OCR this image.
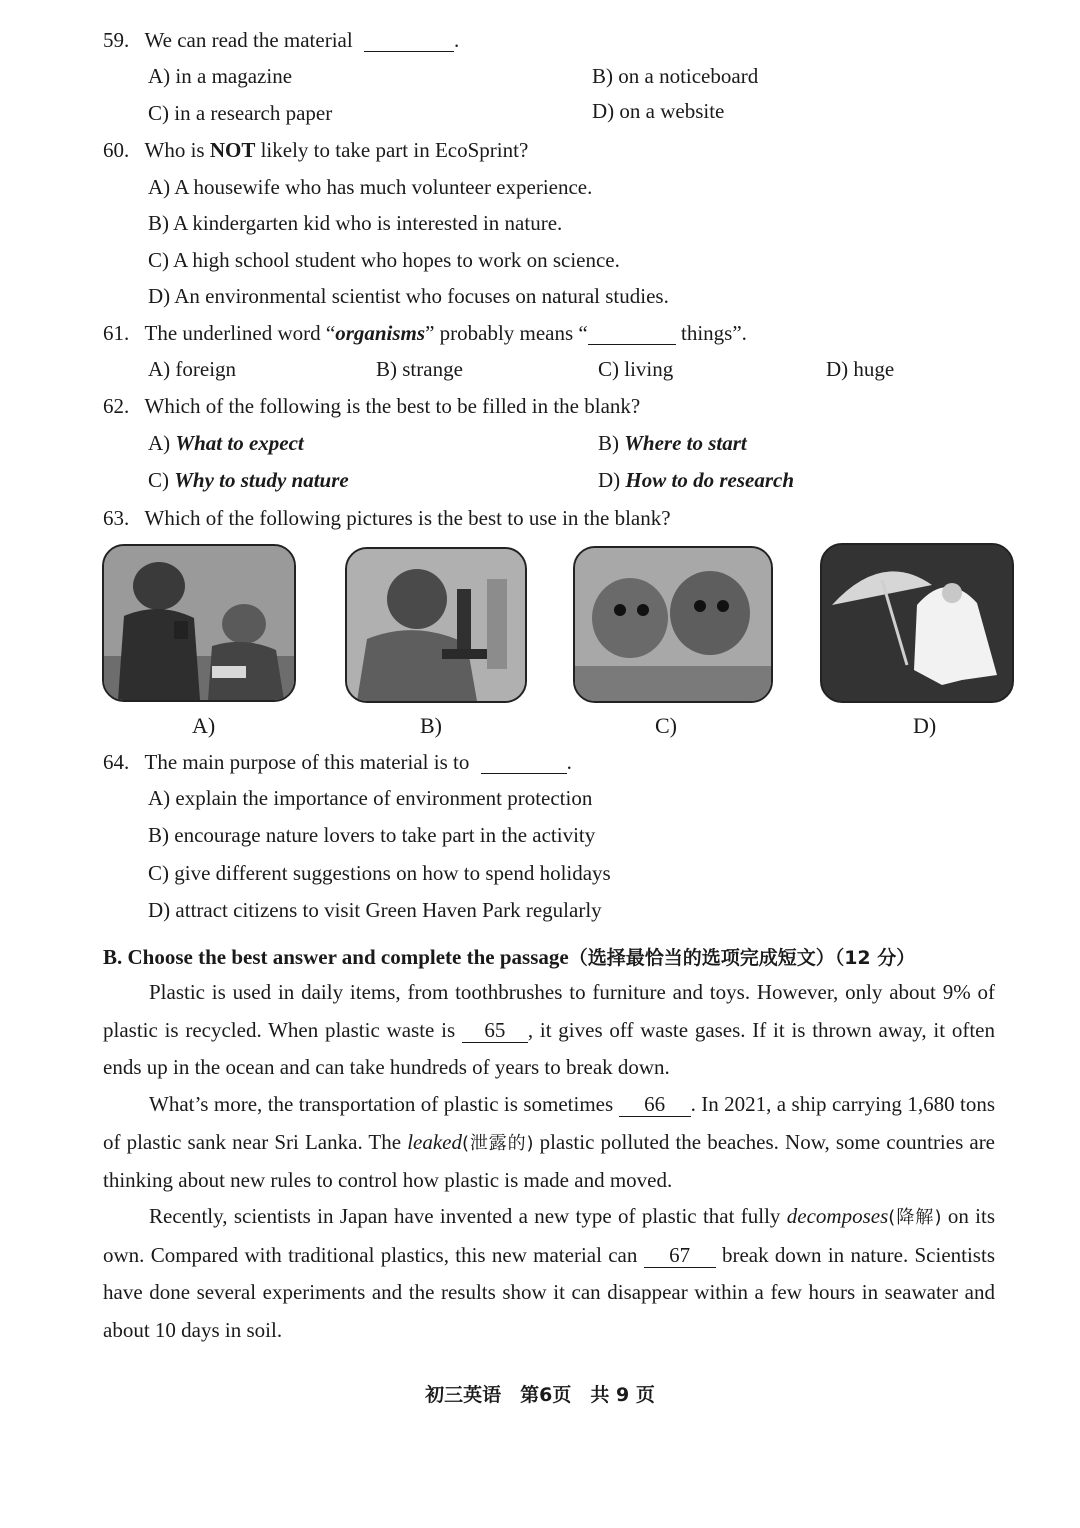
59. We can read the material	.
A) in a magazine	B) on a noticeboard
C) in a research paper	D) on a website
60. Who is NOT likely to take part in EcoSprint?
A) A housewife who has much volunteer experience.
B) A kindergarten kid who is interested in nature.
C) A high school student who hopes to work on science.
D) An environmental scientist who focuses on natural studies.
61. The underlined word “organisms” probably means “	things”.
A) foreign	B) strange	C) living	D) huge
62. Which of the following is the best to be filled in the blank?
A) What to expect	B) Where to start
C) Why to study nature	D) How to do research
63. Which of the following pictures is the best to use in the blank?
A)	B)	C)	D)
64. The main purpose of this material is to	.
A) explain the importance of environment protection
B) encourage nature lovers to take part in the activity
C) give different suggestions on how to spend holidays
D) attract citizens to visit Green Haven Park regularly
B. Choose the best answer and complete the passage（选择最恰当的选项完成短文）（12 分）
Plastic is used in daily items, from toothbrushes to furniture and toys. However, only about 9% of plastic is recycled. When plastic waste is 65 , it gives off waste gases. If it is thrown away, it often ends up in the ocean and can take hundreds of years to break down.
What’s more, the transportation of plastic is sometimes 66 . In 2021, a ship carrying 1,680 tons of plastic sank near Sri Lanka. The leaked(泄露的) plastic polluted the beaches. Now, some countries are thinking about new rules to control how plastic is made and moved.
Recently, scientists in Japan have invented a new type of plastic that fully decomposes(降解) on its own. Compared with traditional plastics, this new material can 67 break down in nature. Scientists have done several experiments and the results show it can disappear within a few hours in seawater and about 10 days in soil.
初三英语　第6页　共 9 页
